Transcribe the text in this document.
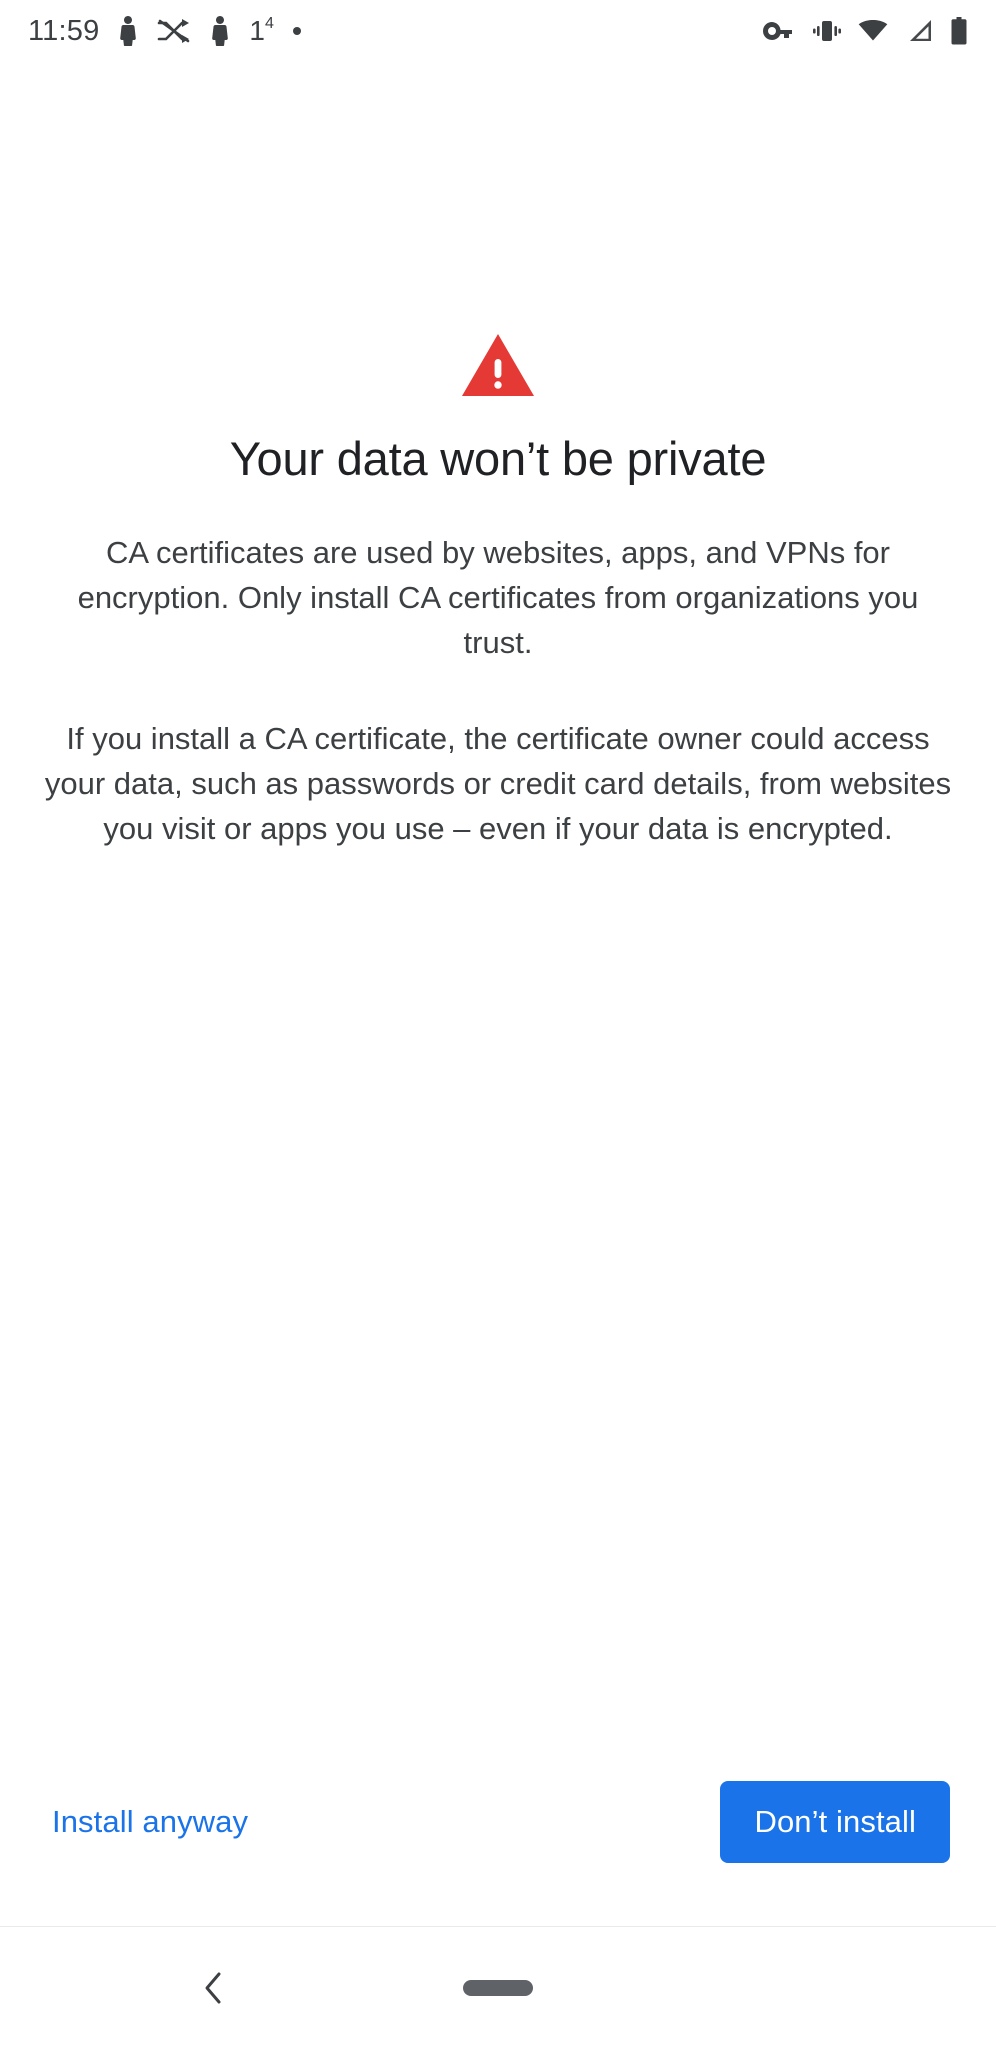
11:59	1 4
Your data won’t be private

CA certificates are used by websites, apps, and VPNs for encryption. Only install CA certificates from organizations you trust.

If you install a CA certificate, the certificate owner could access your data, such as passwords or credit card details, from websites you visit or apps you use – even if your data is encrypted.

Install anyway	Don’t install
